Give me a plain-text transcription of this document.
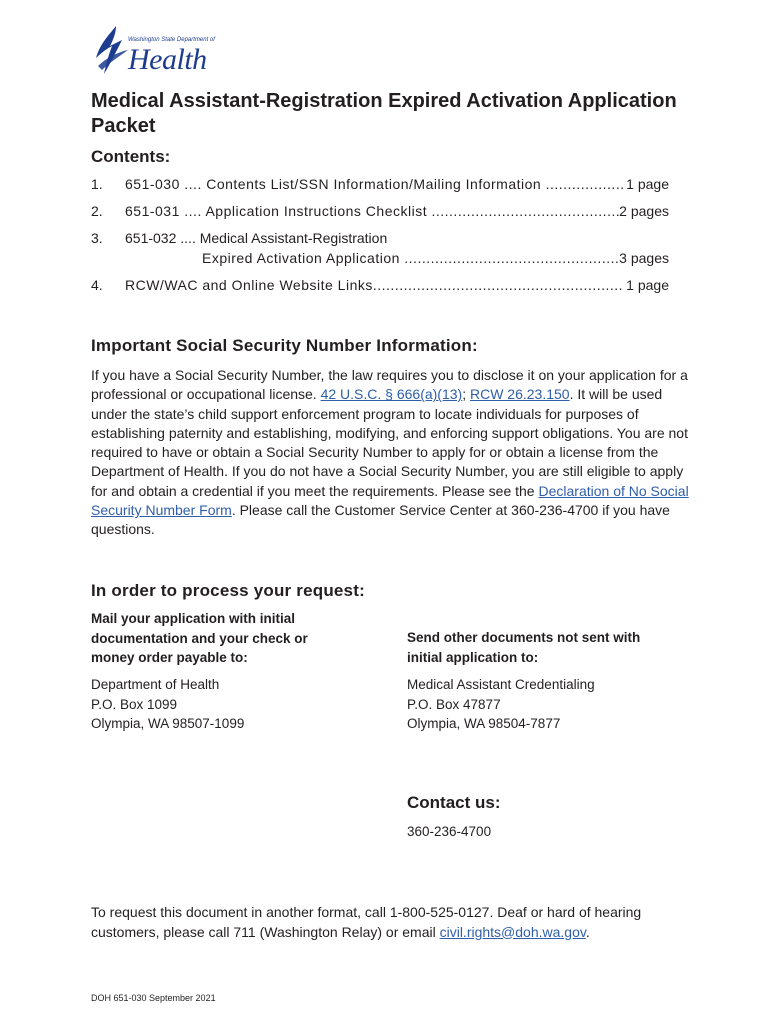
Washington State Department of
Health
Medical Assistant-Registration Expired Activation Application Packet
Contents:
1. 651-030 .... Contents List/SSN Information/Mailing Information .................. 1 page
2. 651-031 .... Application Instructions Checklist ...........................................
2 pages
3. 651-032 .... Medical Assistant-Registration
Expired Activation Application ................................................. 3 pages
4. RCW/WAC and Online Website Links......................................................... 1 page
Important Social Security Number Information:
If you have a Social Security Number, the law requires you to disclose it on your application for a professional or occupational license. 42 U.S.C. § 666(a)(13); RCW 26.23.150. It will be used under the state’s child support enforcement program to locate individuals for purposes of establishing paternity and establishing, modifying, and enforcing support obligations. You are not required to have or obtain a Social Security Number to apply for or obtain a license from the Department of Health. If you do not have a Social Security Number, you are still eligible to apply for and obtain a credential if you meet the requirements. Please see the Declaration of No Social Security Number Form. Please call the Customer Service Center at 360-236-4700 if you have questions.
In order to process your request:
Mail your application with initial documentation and your check or money order payable to:
Department of Health
P.O. Box 1099
Olympia, WA 98507-1099
Send other documents not sent with initial application to:
Medical Assistant Credentialing
P.O. Box 47877
Olympia, WA 98504-7877
Contact us:
360-236-4700
To request this document in another format, call 1-800-525-0127. Deaf or hard of hearing customers, please call 711 (Washington Relay) or email civil.rights@doh.wa.gov.
DOH 651-030 September 2021
